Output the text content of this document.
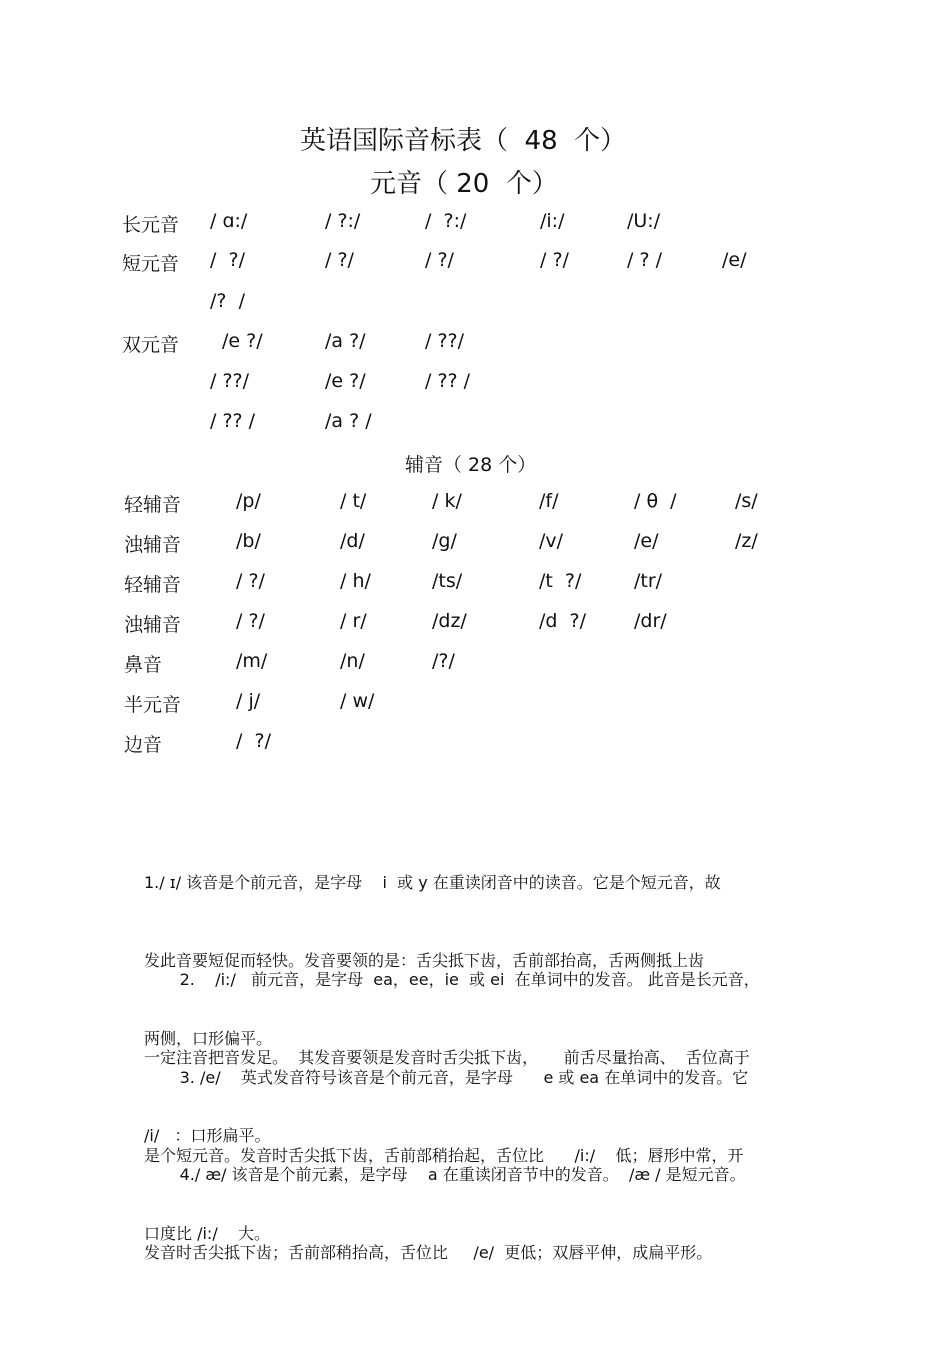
英语国际音标表（  48  个）
元音（ 20  个）
长元音 / ɑ:/	/ ?:/	/  ?:/	/i:/	/U:/
短元音 /  ?/	/ ?/	/ ?/	/ ?/	/ ? /	/e/
/?  /
双元音 /e ?/	/a ?/	/ ??/
/ ??/	/e ?/	/ ?? /
/ ?? /	/a ? /
辅音（ 28 个）
轻辅音	/p/	/ t/	/ k/	/f/	/ θ  /	/s/
浊辅音	/b/	/d/	/g/	/v/	/e/	/z/
轻辅音	/ ?/	/ h/	/ts/	/t  ?/	/tr/
浊辅音	/ ?/	/ r/	/dz/	/d  ?/	/dr/
鼻音	/m/	/n/	/?/
半元音	/ j/	/ w/
边音	/  ?/

1./ ɪ/ 该音是个前元音，是字母    i  或 y 在重读闭音中的读音。它是个短元音，故

发此音要短促而轻快。发音要领的是：舌尖抵下齿，舌前部抬高，舌两侧抵上齿

两侧，口形偏平。

2.    /i:/   前元音，是字母  ea，ee，ie  或 ei  在单词中的发音。 此音是长元音，

一定注音把音发足。  其发音要领是发音时舌尖抵下齿，     前舌尽量抬高、  舌位高于

/i/   ：口形扁平。

3. /e/    英式发音符号该音是个前元音，是字母      e 或 ea 在单词中的发音。它

是个短元音。发音时舌尖抵下齿，舌前部稍抬起，舌位比      /i:/    低；唇形中常，开

口度比 /i:/    大。

4./ æ/ 该音是个前元素，是字母    a 在重读闭音节中的发音。  /æ / 是短元音。

发音时舌尖抵下齿；舌前部稍抬高，舌位比     /e/  更低；双唇平伸，成扁平形。
